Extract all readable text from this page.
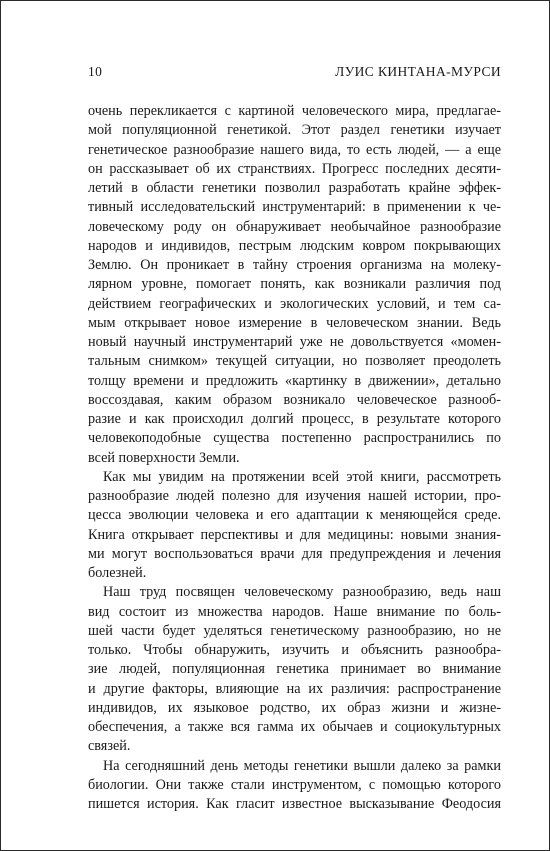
10	ЛУИС КИНТАНА-МУРСИ
очень перекликается с картиной человеческого мира, предлагае-
мой популяционной генетикой. Этот раздел генетики изучает
генетическое разнообразие нашего вида, то есть людей, — а еще
он рассказывает об их странствиях. Прогресс последних десяти-
летий в области генетики позволил разработать крайне эффек-
тивный исследовательский инструментарий: в применении к че-
ловеческому роду он обнаруживает необычайное разнообразие
народов и индивидов, пестрым людским ковром покрывающих
Землю. Он проникает в тайну строения организма на молеку-
лярном уровне, помогает понять, как возникали различия под
действием географических и экологических условий, и тем са-
мым открывает новое измерение в человеческом знании. Ведь
новый научный инструментарий уже не довольствуется «момен-
тальным снимком» текущей ситуации, но позволяет преодолеть
толщу времени и предложить «картинку в движении», детально
воссоздавая, каким образом возникало человеческое разнооб-
разие и как происходил долгий процесс, в результате которого
человекоподобные существа постепенно распространились по
всей поверхности Земли.
Как мы увидим на протяжении всей этой книги, рассмотреть
разнообразие людей полезно для изучения нашей истории, про-
цесса эволюции человека и его адаптации к меняющейся среде.
Книга открывает перспективы и для медицины: новыми знания-
ми могут воспользоваться врачи для предупреждения и лечения
болезней.
Наш труд посвящен человеческому разнообразию, ведь наш
вид состоит из множества народов. Наше внимание по боль-
шей части будет уделяться генетическому разнообразию, но не
только. Чтобы обнаружить, изучить и объяснить разнообра-
зие людей, популяционная генетика принимает во внимание
и другие факторы, влияющие на их различия: распространение
индивидов, их языковое родство, их образ жизни и жизне-
обеспечения, а также вся гамма их обычаев и социокультурных
связей.
На сегодняшний день методы генетики вышли далеко за рамки
биологии. Они также стали инструментом, с помощью которого
пишется история. Как гласит известное высказывание Феодосия
